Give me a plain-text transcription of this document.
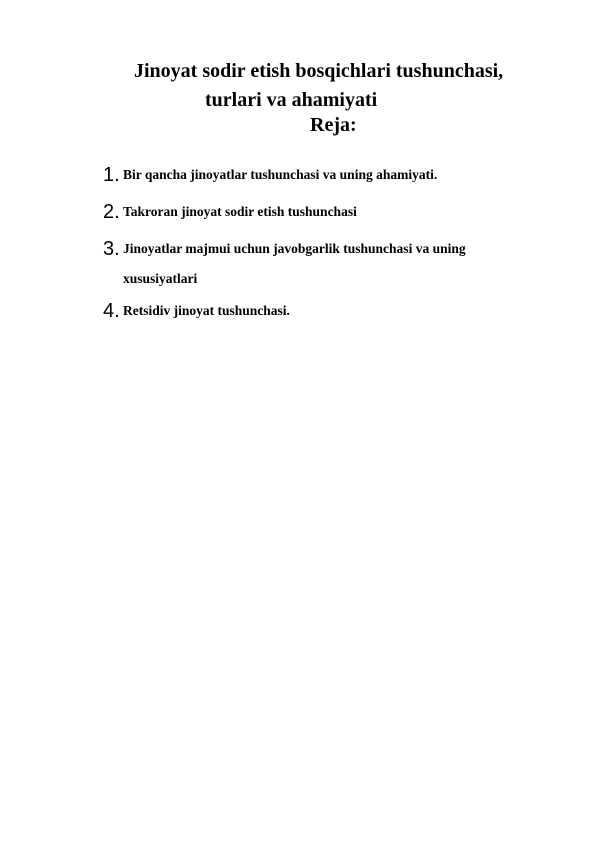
Jinoyat sodir etish bosqichlari tushunchasi,
turlari va ahamiyati
Reja:
1. Bir qancha jinoyatlar tushunchasi va uning ahamiyati.
2. Takroran jinoyat sodir etish tushunchasi
3. Jinoyatlar majmui uchun javobgarlik tushunchasi va uning xususiyatlari
4. Retsidiv jinoyat tushunchasi.
